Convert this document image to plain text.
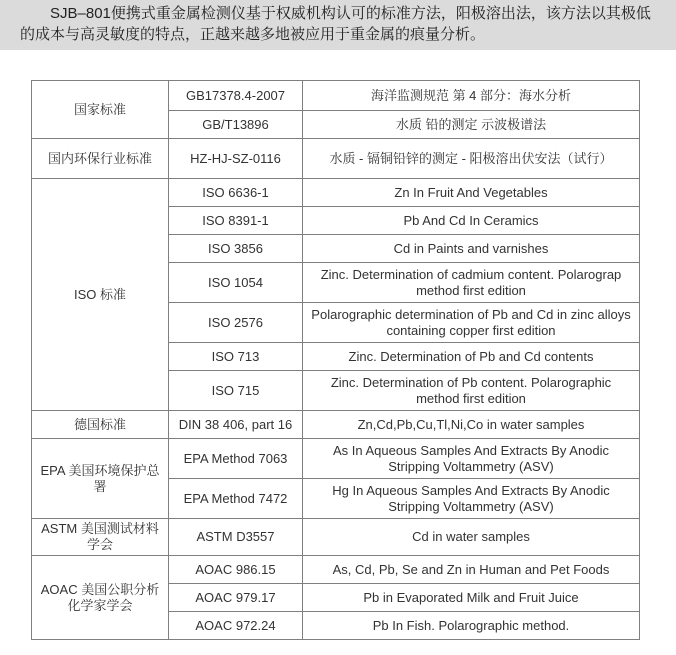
SJB–801便携式重金属检测仪基于权威机构认可的标准方法，阳极溶出法，该方法以其极低的成本与高灵敏度的特点，正越来越多地被应用于重金属的痕量分析。

国家标准	GB17378.4-2007	海洋监测规范 第 4 部分：海水分析
	GB/T13896	水质 铅的测定 示波极谱法
国内环保行业标准	HZ-HJ-SZ-0116	水质 - 镉铜铅锌的测定 - 阳极溶出伏安法（试行）
ISO 标准	ISO 6636-1	Zn In Fruit And Vegetables
	ISO 8391-1	Pb And Cd In Ceramics
	ISO 3856	Cd in Paints and varnishes
	ISO 1054	Zinc. Determination of cadmium content. Polarograp method first edition
	ISO 2576	Polarographic determination of Pb and Cd in zinc alloys containing copper first edition
	ISO 713	Zinc. Determination of Pb and Cd contents
	ISO 715	Zinc. Determination of Pb content. Polarographic method first edition
德国标准	DIN 38 406, part 16	Zn,Cd,Pb,Cu,Tl,Ni,Co in water samples
EPA 美国环境保护总署	EPA Method 7063	As In Aqueous Samples And Extracts By Anodic Stripping Voltammetry (ASV)
	EPA Method 7472	Hg In Aqueous Samples And Extracts By Anodic Stripping Voltammetry (ASV)
ASTM 美国测试材料学会	ASTM D3557	Cd in water samples
AOAC 美国公职分析化学家学会	AOAC 986.15	As, Cd, Pb, Se and Zn in Human and Pet Foods
	AOAC 979.17	Pb in Evaporated Milk and Fruit Juice
	AOAC 972.24	Pb In Fish. Polarographic method.
